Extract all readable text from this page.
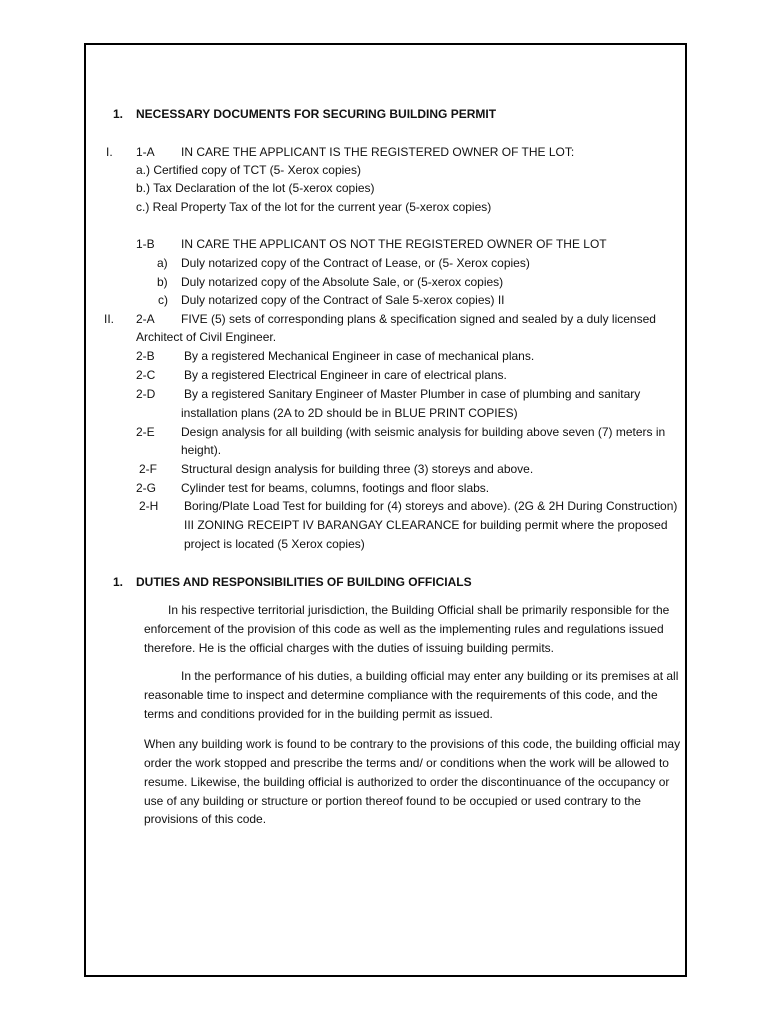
1. NECESSARY DOCUMENTS FOR SECURING BUILDING PERMIT
I. 1-A IN CARE THE APPLICANT IS THE REGISTERED OWNER OF THE LOT:
a.) Certified copy of TCT (5- Xerox copies)
b.) Tax Declaration of the lot (5-xerox copies)
c.) Real Property Tax of the lot for the current year (5-xerox copies)
1-B IN CARE THE APPLICANT OS NOT THE REGISTERED OWNER OF THE LOT
a) Duly notarized copy of the Contract of Lease, or (5- Xerox copies)
b) Duly notarized copy of the Absolute Sale, or (5-xerox copies)
c) Duly notarized copy of the Contract of Sale 5-xerox copies) II
II. 2-A FIVE (5) sets of corresponding plans & specification signed and sealed by a duly licensed
Architect of Civil Engineer.
2-B By a registered Mechanical Engineer in case of mechanical plans.
2-C By a registered Electrical Engineer in care of electrical plans.
2-D By a registered Sanitary Engineer of Master Plumber in case of plumbing and sanitary
installation plans (2A to 2D should be in BLUE PRINT COPIES)
2-E Design analysis for all building (with seismic analysis for building above seven (7) meters in
height).
2-F Structural design analysis for building three (3) storeys and above.
2-G Cylinder test for beams, columns, footings and floor slabs.
2-H Boring/Plate Load Test for building for (4) storeys and above). (2G & 2H During Construction)
III ZONING RECEIPT IV BARANGAY CLEARANCE for building permit where the proposed
project is located (5 Xerox copies)
1. DUTIES AND RESPONSIBILITIES OF BUILDING OFFICIALS
In his respective territorial jurisdiction, the Building Official shall be primarily responsible for the
enforcement of the provision of this code as well as the implementing rules and regulations issued
therefore. He is the official charges with the duties of issuing building permits.
In the performance of his duties, a building official may enter any building or its premises at all
reasonable time to inspect and determine compliance with the requirements of this code, and the
terms and conditions provided for in the building permit as issued.
When any building work is found to be contrary to the provisions of this code, the building official may
order the work stopped and prescribe the terms and/ or conditions when the work will be allowed to
resume. Likewise, the building official is authorized to order the discontinuance of the occupancy or
use of any building or structure or portion thereof found to be occupied or used contrary to the
provisions of this code.
